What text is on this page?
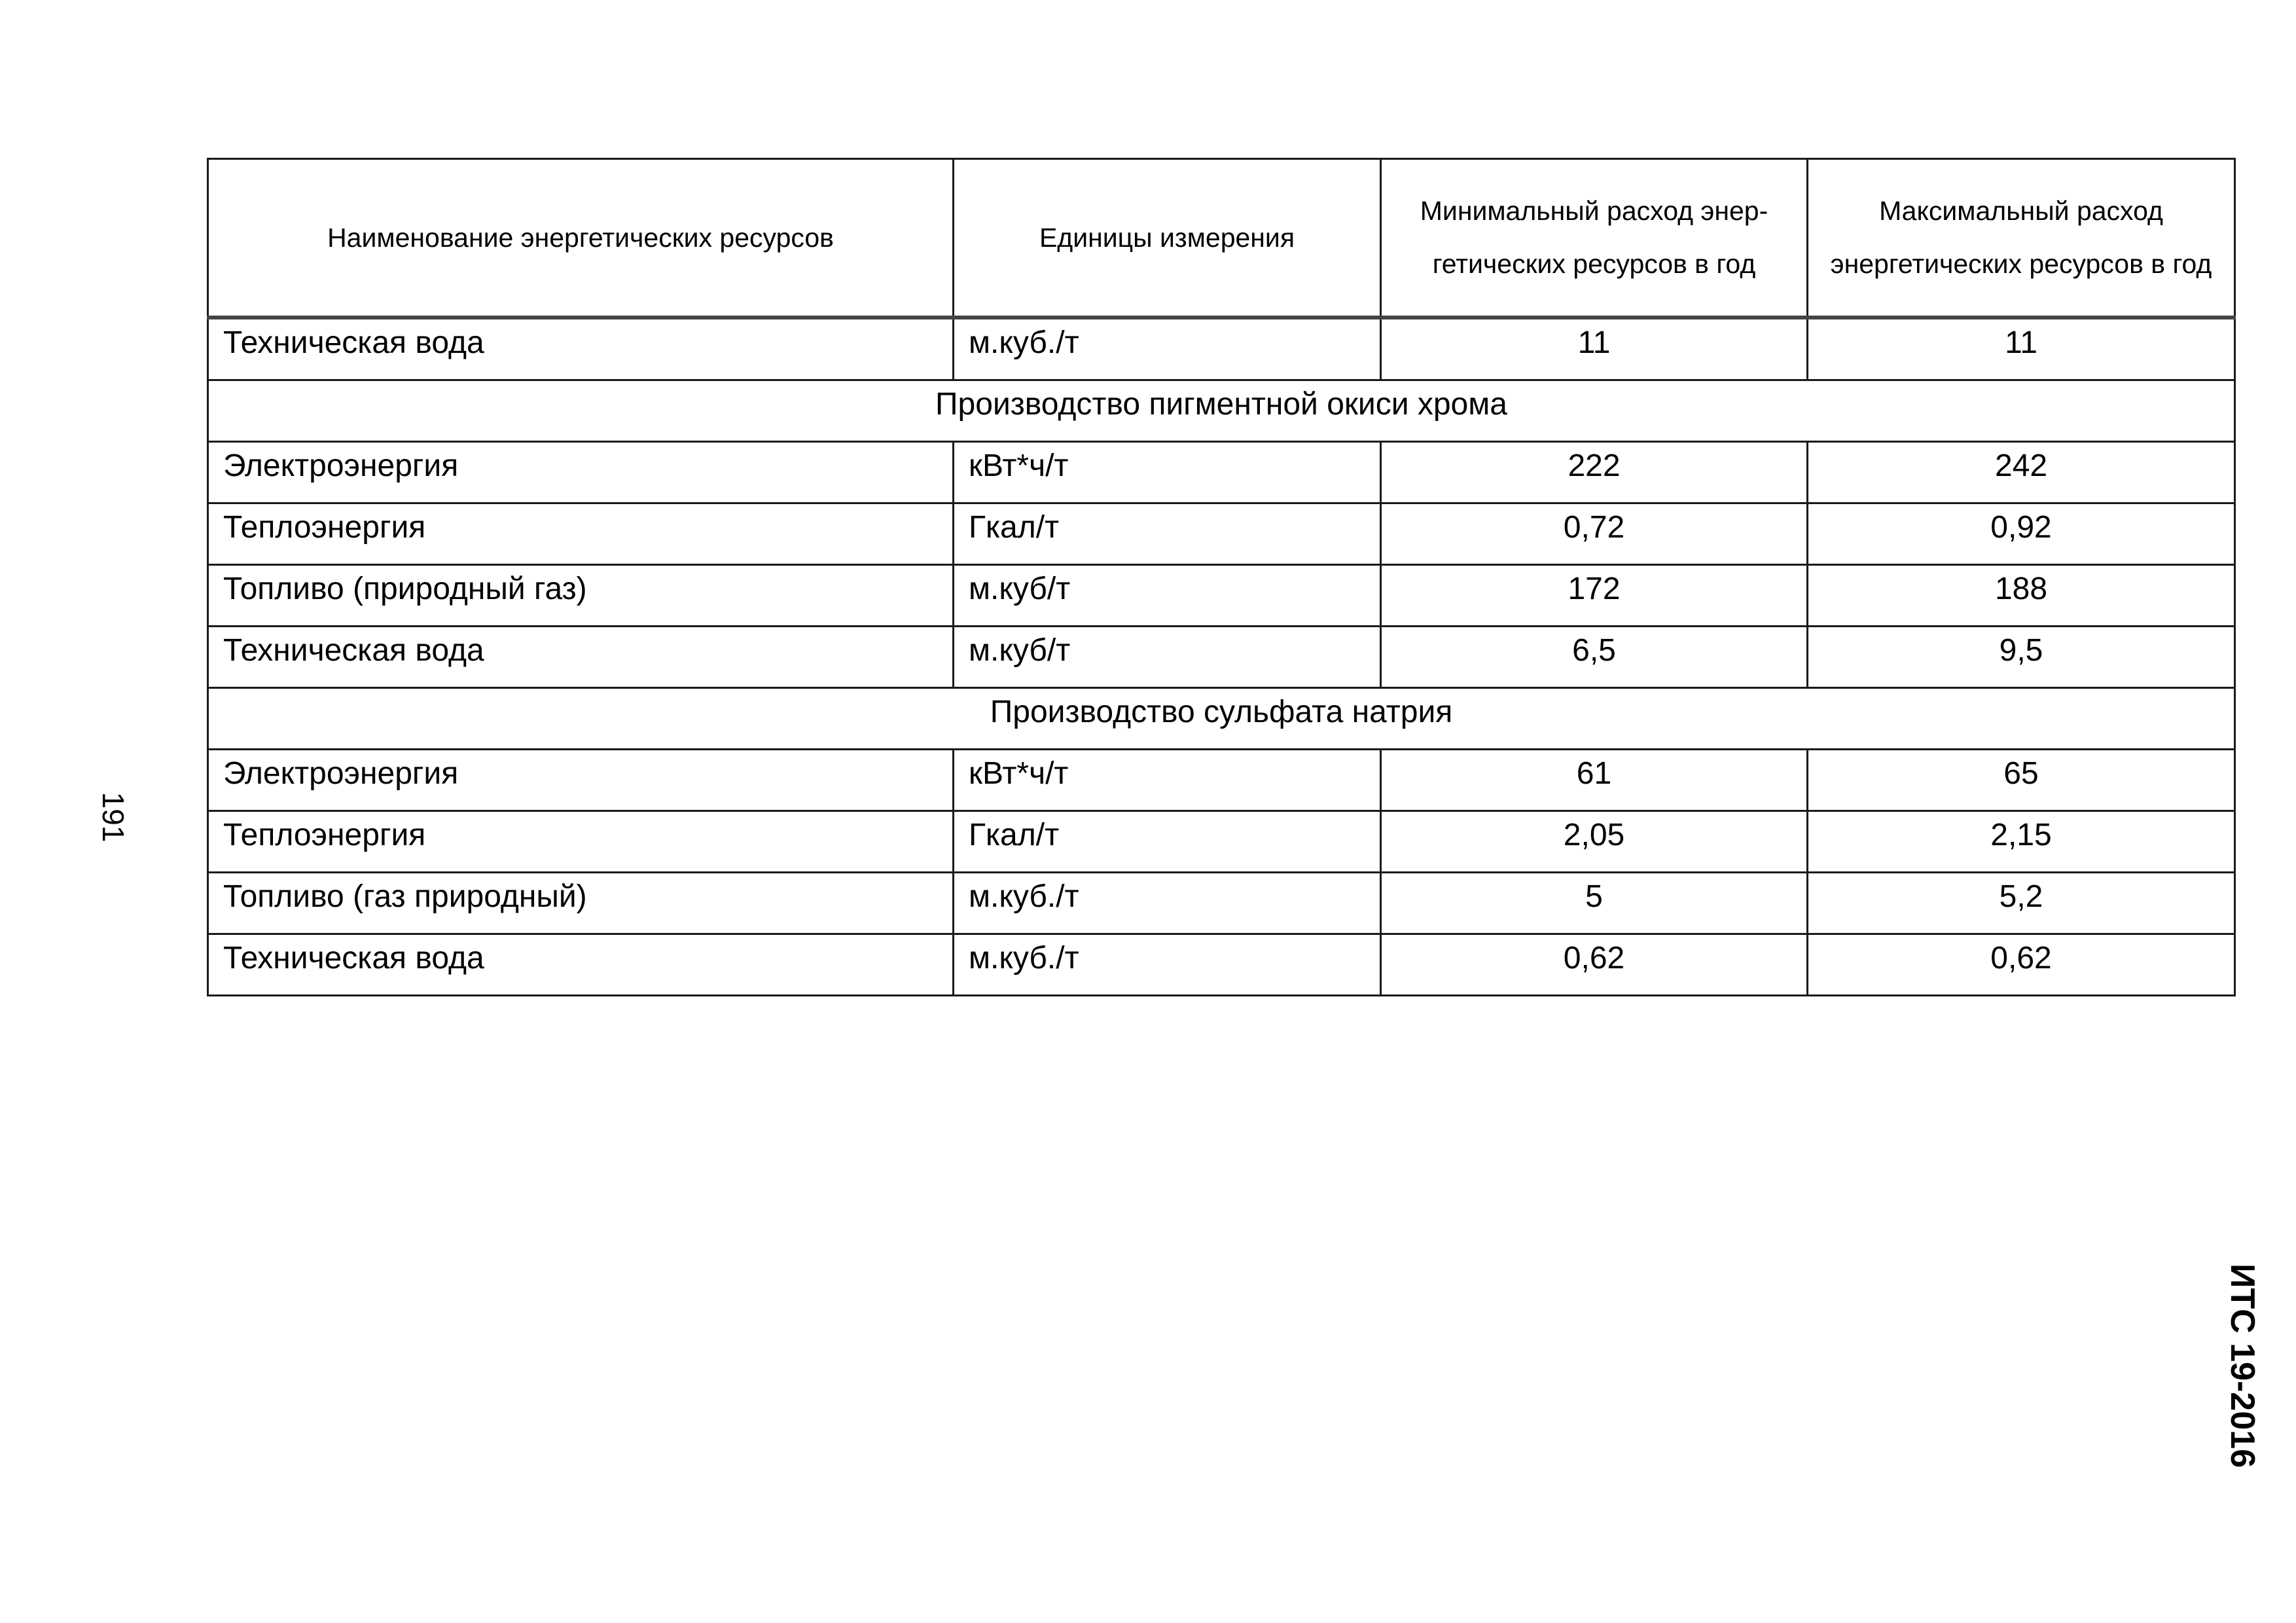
191
ИТС 19-2016
Наименование энергетических ресурсов	Единицы измерения	Минимальный расход энер-гетических ресурсов в год	Максимальный расход энергетических ресурсов в год
Техническая вода	м.куб./т	11	11
Производство пигментной окиси хрома			
Электроэнергия	кВт*ч/т	222	242
Теплоэнергия	Гкал/т	0,72	0,92
Топливо (природный газ)	м.куб/т	172	188
Техническая вода	м.куб/т	6,5	9,5
Производство сульфата натрия			
Электроэнергия	кВт*ч/т	61	65
Теплоэнергия	Гкал/т	2,05	2,15
Топливо (газ природный)	м.куб./т	5	5,2
Техническая вода	м.куб./т	0,62	0,62
